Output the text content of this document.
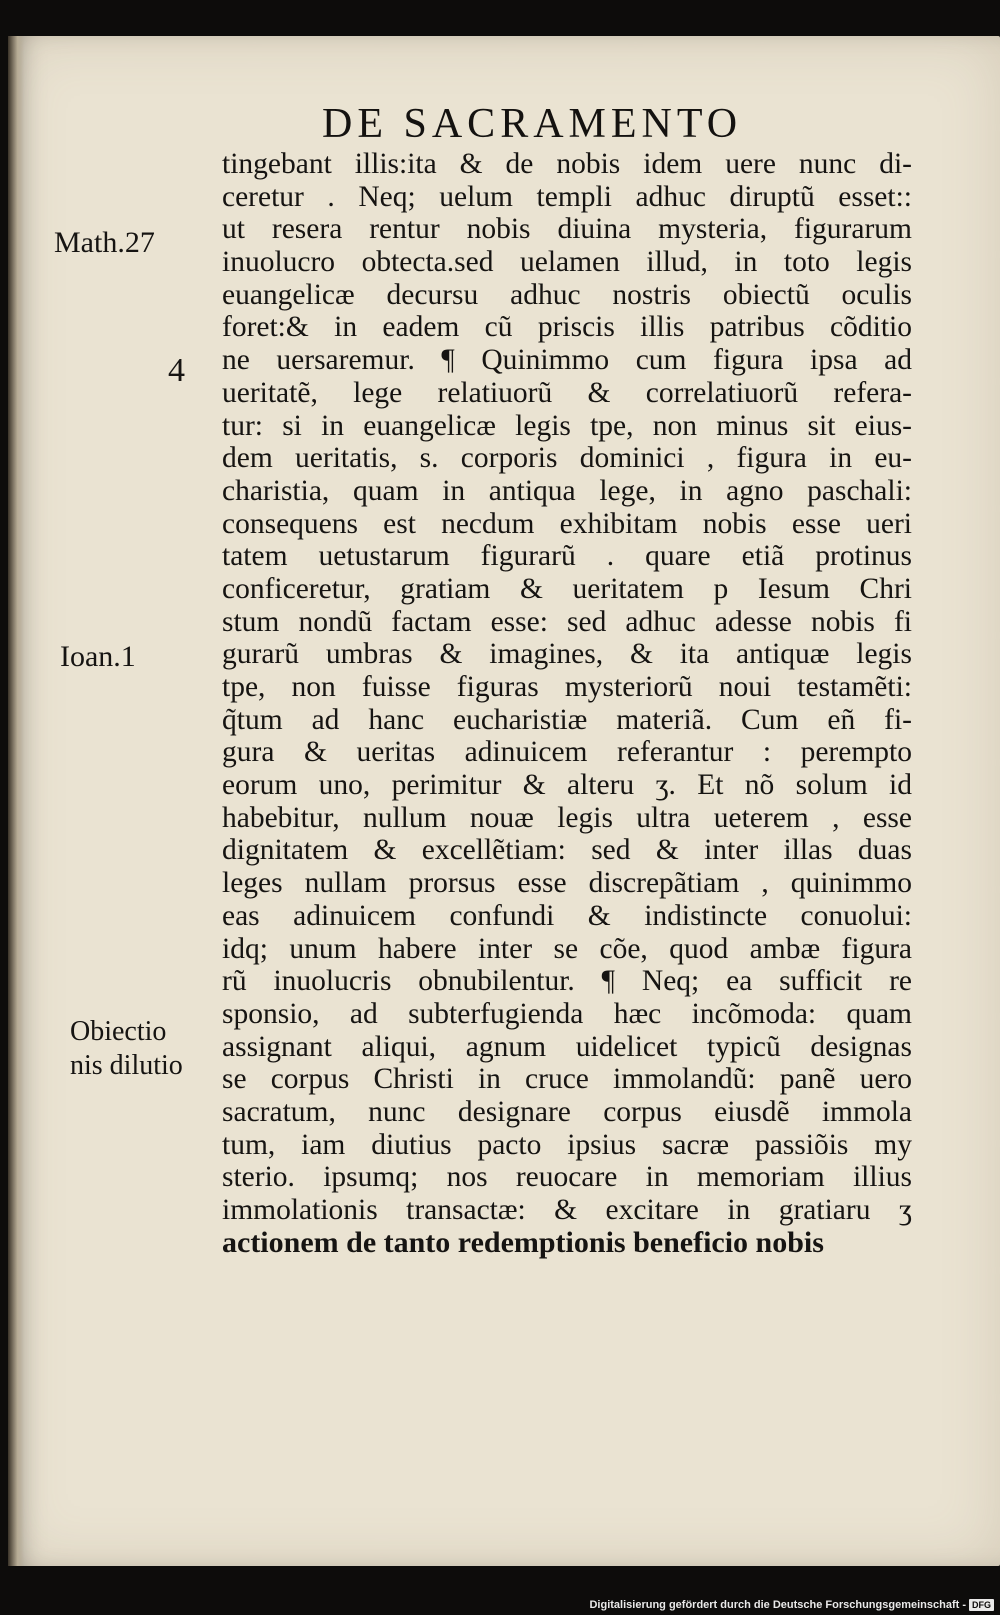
DE SACRAMENTO
Math.27
4
Ioan.1
Obiectio
nis dilutio
tingebant illis:ita & de nobis idem uere nunc di-
ceretur . Neq; uelum templi adhuc diruptũ esset::
ut resera rentur nobis diuina mysteria, figurarum
inuolucro obtecta.sed uelamen illud, in toto legis
euangelicæ decursu adhuc nostris obiectũ oculis
foret:& in eadem cũ priscis illis patribus cõditio
ne uersaremur. ¶ Quinimmo cum figura ipsa ad
ueritatẽ, lege relatiuorũ & correlatiuorũ refera-
tur: si in euangelicæ legis tpe, non minus sit eius-
dem ueritatis, s. corporis dominici , figura in eu-
charistia, quam in antiqua lege, in agno paschali:
consequens est necdum exhibitam nobis esse ueri
tatem uetustarum figurarũ . quare etiã protinus
conficeretur, gratiam & ueritatem p Iesum Chri
stum nondũ factam esse: sed adhuc adesse nobis fi
gurarũ umbras & imagines, & ita antiquæ legis
tpe, non fuisse figuras mysteriorũ noui testamẽti:
q̃tum ad hanc eucharistiæ materiã. Cum eñ fi-
gura & ueritas adinuicem referantur : perempto
eorum uno, perimitur & alteru ʒ. Et nõ solum id
habebitur, nullum nouæ legis ultra ueterem , esse
dignitatem & excellẽtiam: sed & inter illas duas
leges nullam prorsus esse discrepãtiam , quinimmo
eas adinuicem confundi & indistincte conuolui:
idq; unum habere inter se cõe, quod ambæ figura
rũ inuolucris obnubilentur. ¶ Neq; ea sufficit re
sponsio, ad subterfugienda hæc incõmoda: quam
assignant aliqui, agnum uidelicet typicũ designas
se corpus Christi in cruce immolandũ: panẽ uero
sacratum, nunc designare corpus eiusdẽ immola
tum, iam diutius pacto ipsius sacræ passiõis my
sterio. ipsumq; nos reuocare in memoriam illius
immolationis transactæ: & excitare in gratiaru ʒ
actionem de tanto redemptionis beneficio nobis
Digitalisierung gefördert durch die Deutsche Forschungsgemeinschaft - DFG
